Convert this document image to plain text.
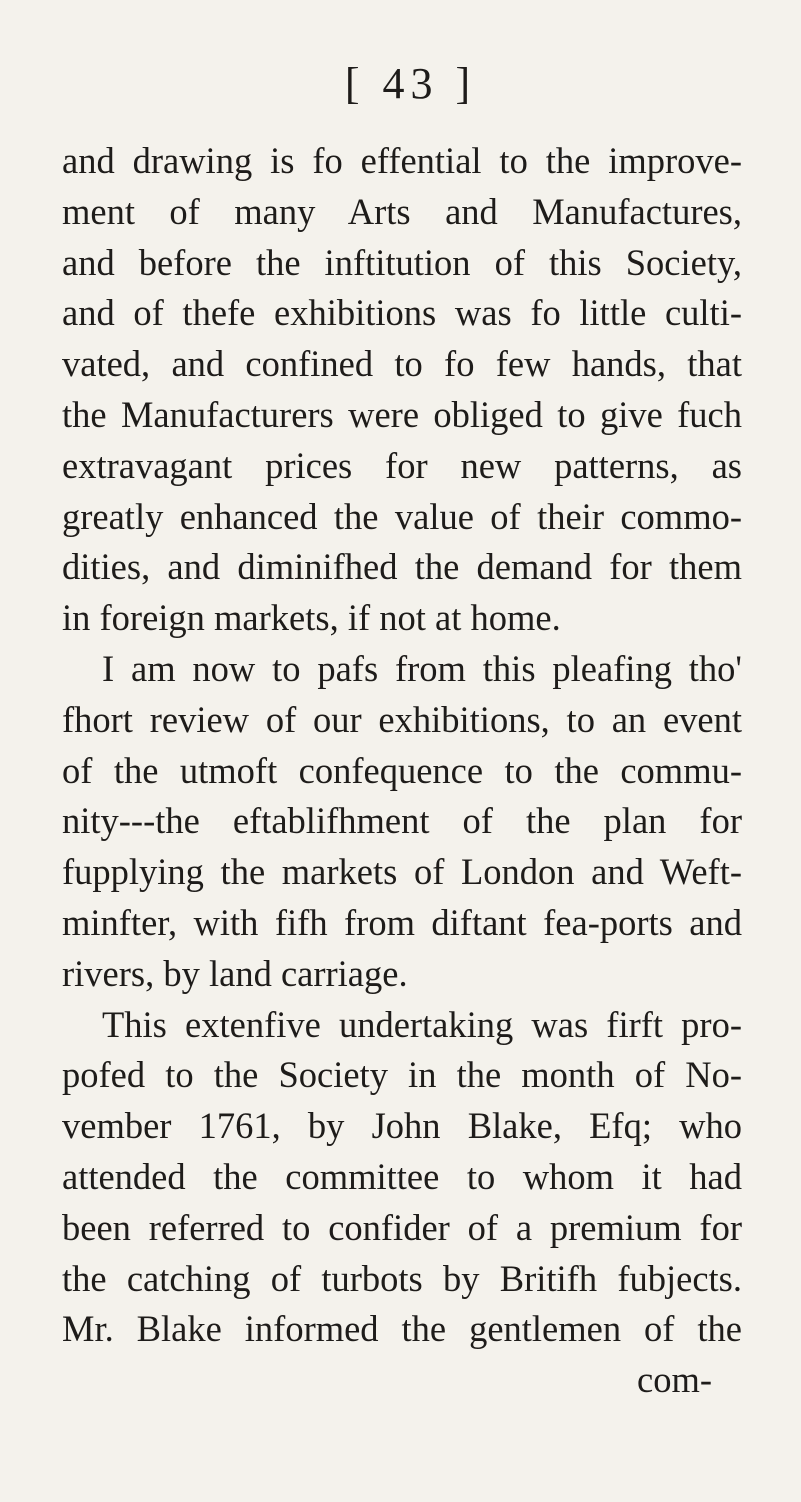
[ 43 ]
and drawing is fo effential to the improve-
ment of many Arts and Manufactures,
and before the inftitution of this Society,
and of thefe exhibitions was fo little culti-
vated, and confined to fo few hands, that
the Manufacturers were obliged to give fuch
extravagant prices for new patterns, as
greatly enhanced the value of their commo-
dities, and diminifhed the demand for them
in foreign markets, if not at home.
I am now to pafs from this pleafing tho'
fhort review of our exhibitions, to an event
of the utmoft confequence to the commu-
nity---the eftablifhment of the plan for
fupplying the markets of London and Weft-
minfter, with fifh from diftant fea-ports and
rivers, by land carriage.
This extenfive undertaking was firft pro-
pofed to the Society in the month of No-
vember 1761, by John Blake, Efq; who
attended the committee to whom it had
been referred to confider of a premium for
the catching of turbots by Britifh fubjects.
Mr. Blake informed the gentlemen of the
com-
